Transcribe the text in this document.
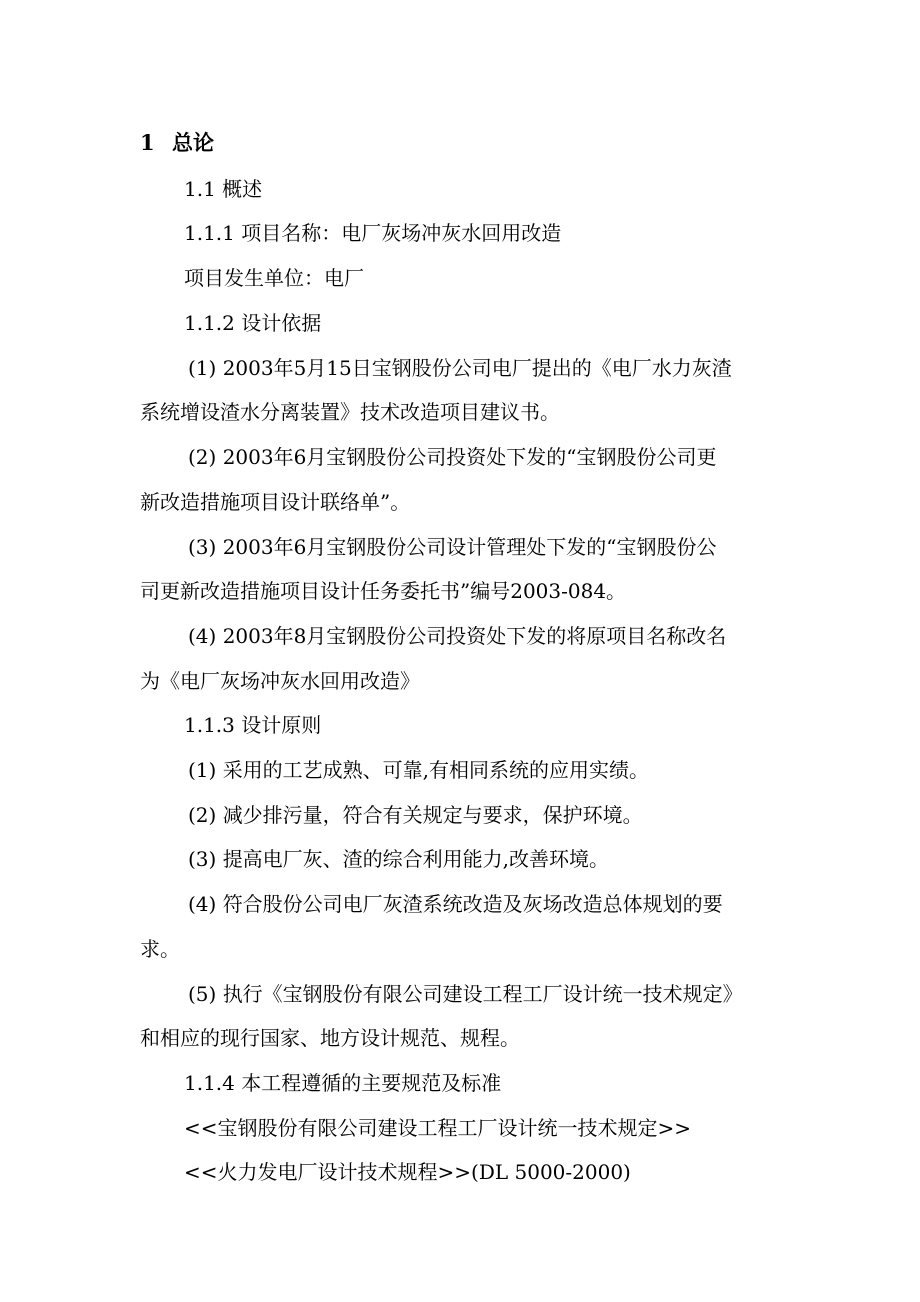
1 总论
1.1 概述
1.1.1 项目名称：电厂灰场冲灰水回用改造
项目发生单位：电厂
1.1.2 设计依据
(1) 2003年5月15日宝钢股份公司电厂提出的《电厂水力灰渣
系统增设渣水分离装置》技术改造项目建议书。
(2) 2003年6月宝钢股份公司投资处下发的“宝钢股份公司更
新改造措施项目设计联络单”。
(3) 2003年6月宝钢股份公司设计管理处下发的“宝钢股份公
司更新改造措施项目设计任务委托书”编号2003-084。
(4) 2003年8月宝钢股份公司投资处下发的将原项目名称改名
为《电厂灰场冲灰水回用改造》
1.1.3 设计原则
(1) 采用的工艺成熟、可靠,有相同系统的应用实绩。
(2) 减少排污量，符合有关规定与要求，保护环境。
(3) 提高电厂灰、渣的综合利用能力,改善环境。
(4) 符合股份公司电厂灰渣系统改造及灰场改造总体规划的要
求。
(5) 执行《宝钢股份有限公司建设工程工厂设计统一技术规定》
和相应的现行国家、地方设计规范、规程。
1.1.4 本工程遵循的主要规范及标准
<<宝钢股份有限公司建设工程工厂设计统一技术规定>>
<<火力发电厂设计技术规程>>(DL 5000-2000)
